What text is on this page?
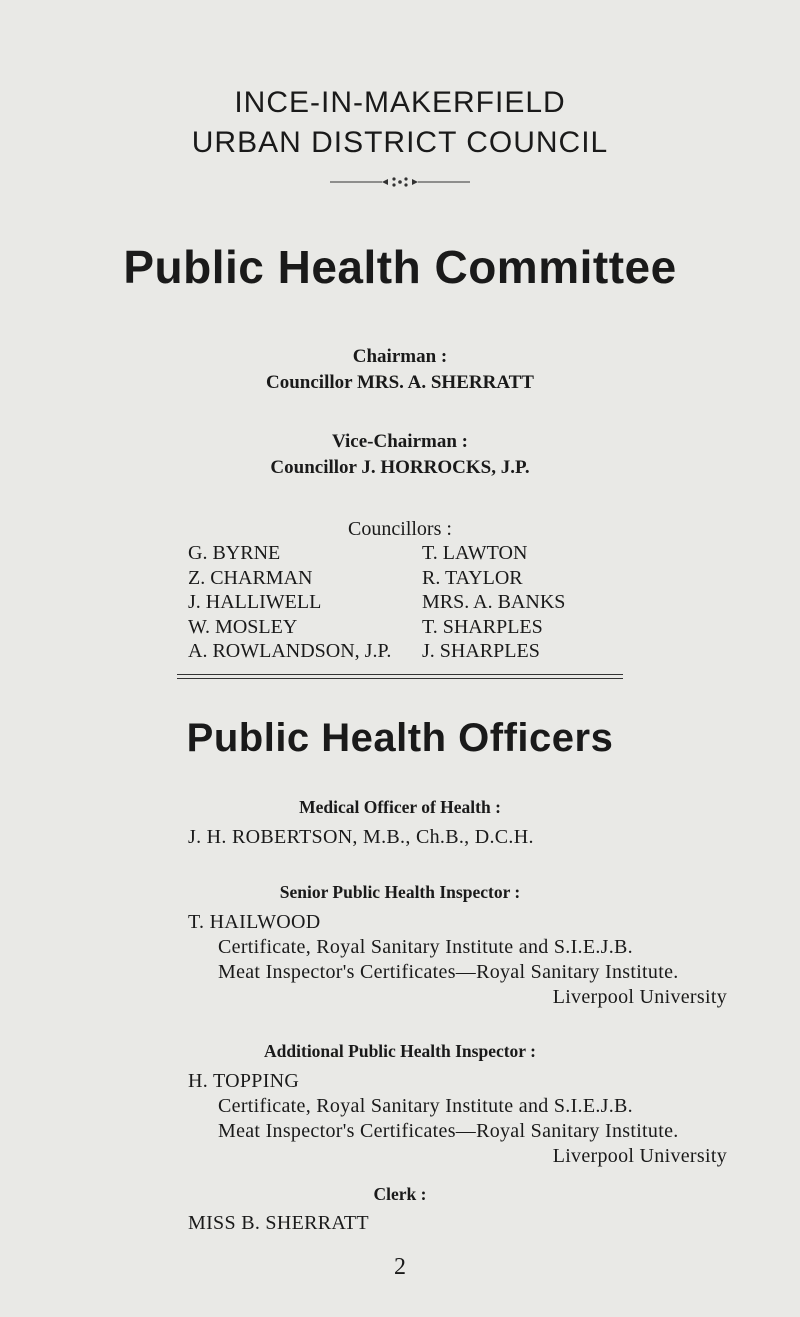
INCE-IN-MAKERFIELD
URBAN DISTRICT COUNCIL
Public Health Committee
Chairman :
Councillor MRS. A. SHERRATT
Vice-Chairman :
Councillor J. HORROCKS, J.P.
Councillors :
G. BYRNE
Z. CHARMAN
J. HALLIWELL
W. MOSLEY
A. ROWLANDSON, J.P.
T. LAWTON
R. TAYLOR
MRS. A. BANKS
T. SHARPLES
J. SHARPLES
Public Health Officers
Medical Officer of Health :
J. H. ROBERTSON, M.B., Ch.B., D.C.H.
Senior Public Health Inspector :
T. HAILWOOD
Certificate, Royal Sanitary Institute and S.I.E.J.B.
Meat Inspector's Certificates—Royal Sanitary Institute.
Liverpool University
Additional Public Health Inspector :
H. TOPPING
Certificate, Royal Sanitary Institute and S.I.E.J.B.
Meat Inspector's Certificates—Royal Sanitary Institute.
Liverpool University
Clerk :
MISS B. SHERRATT
2
